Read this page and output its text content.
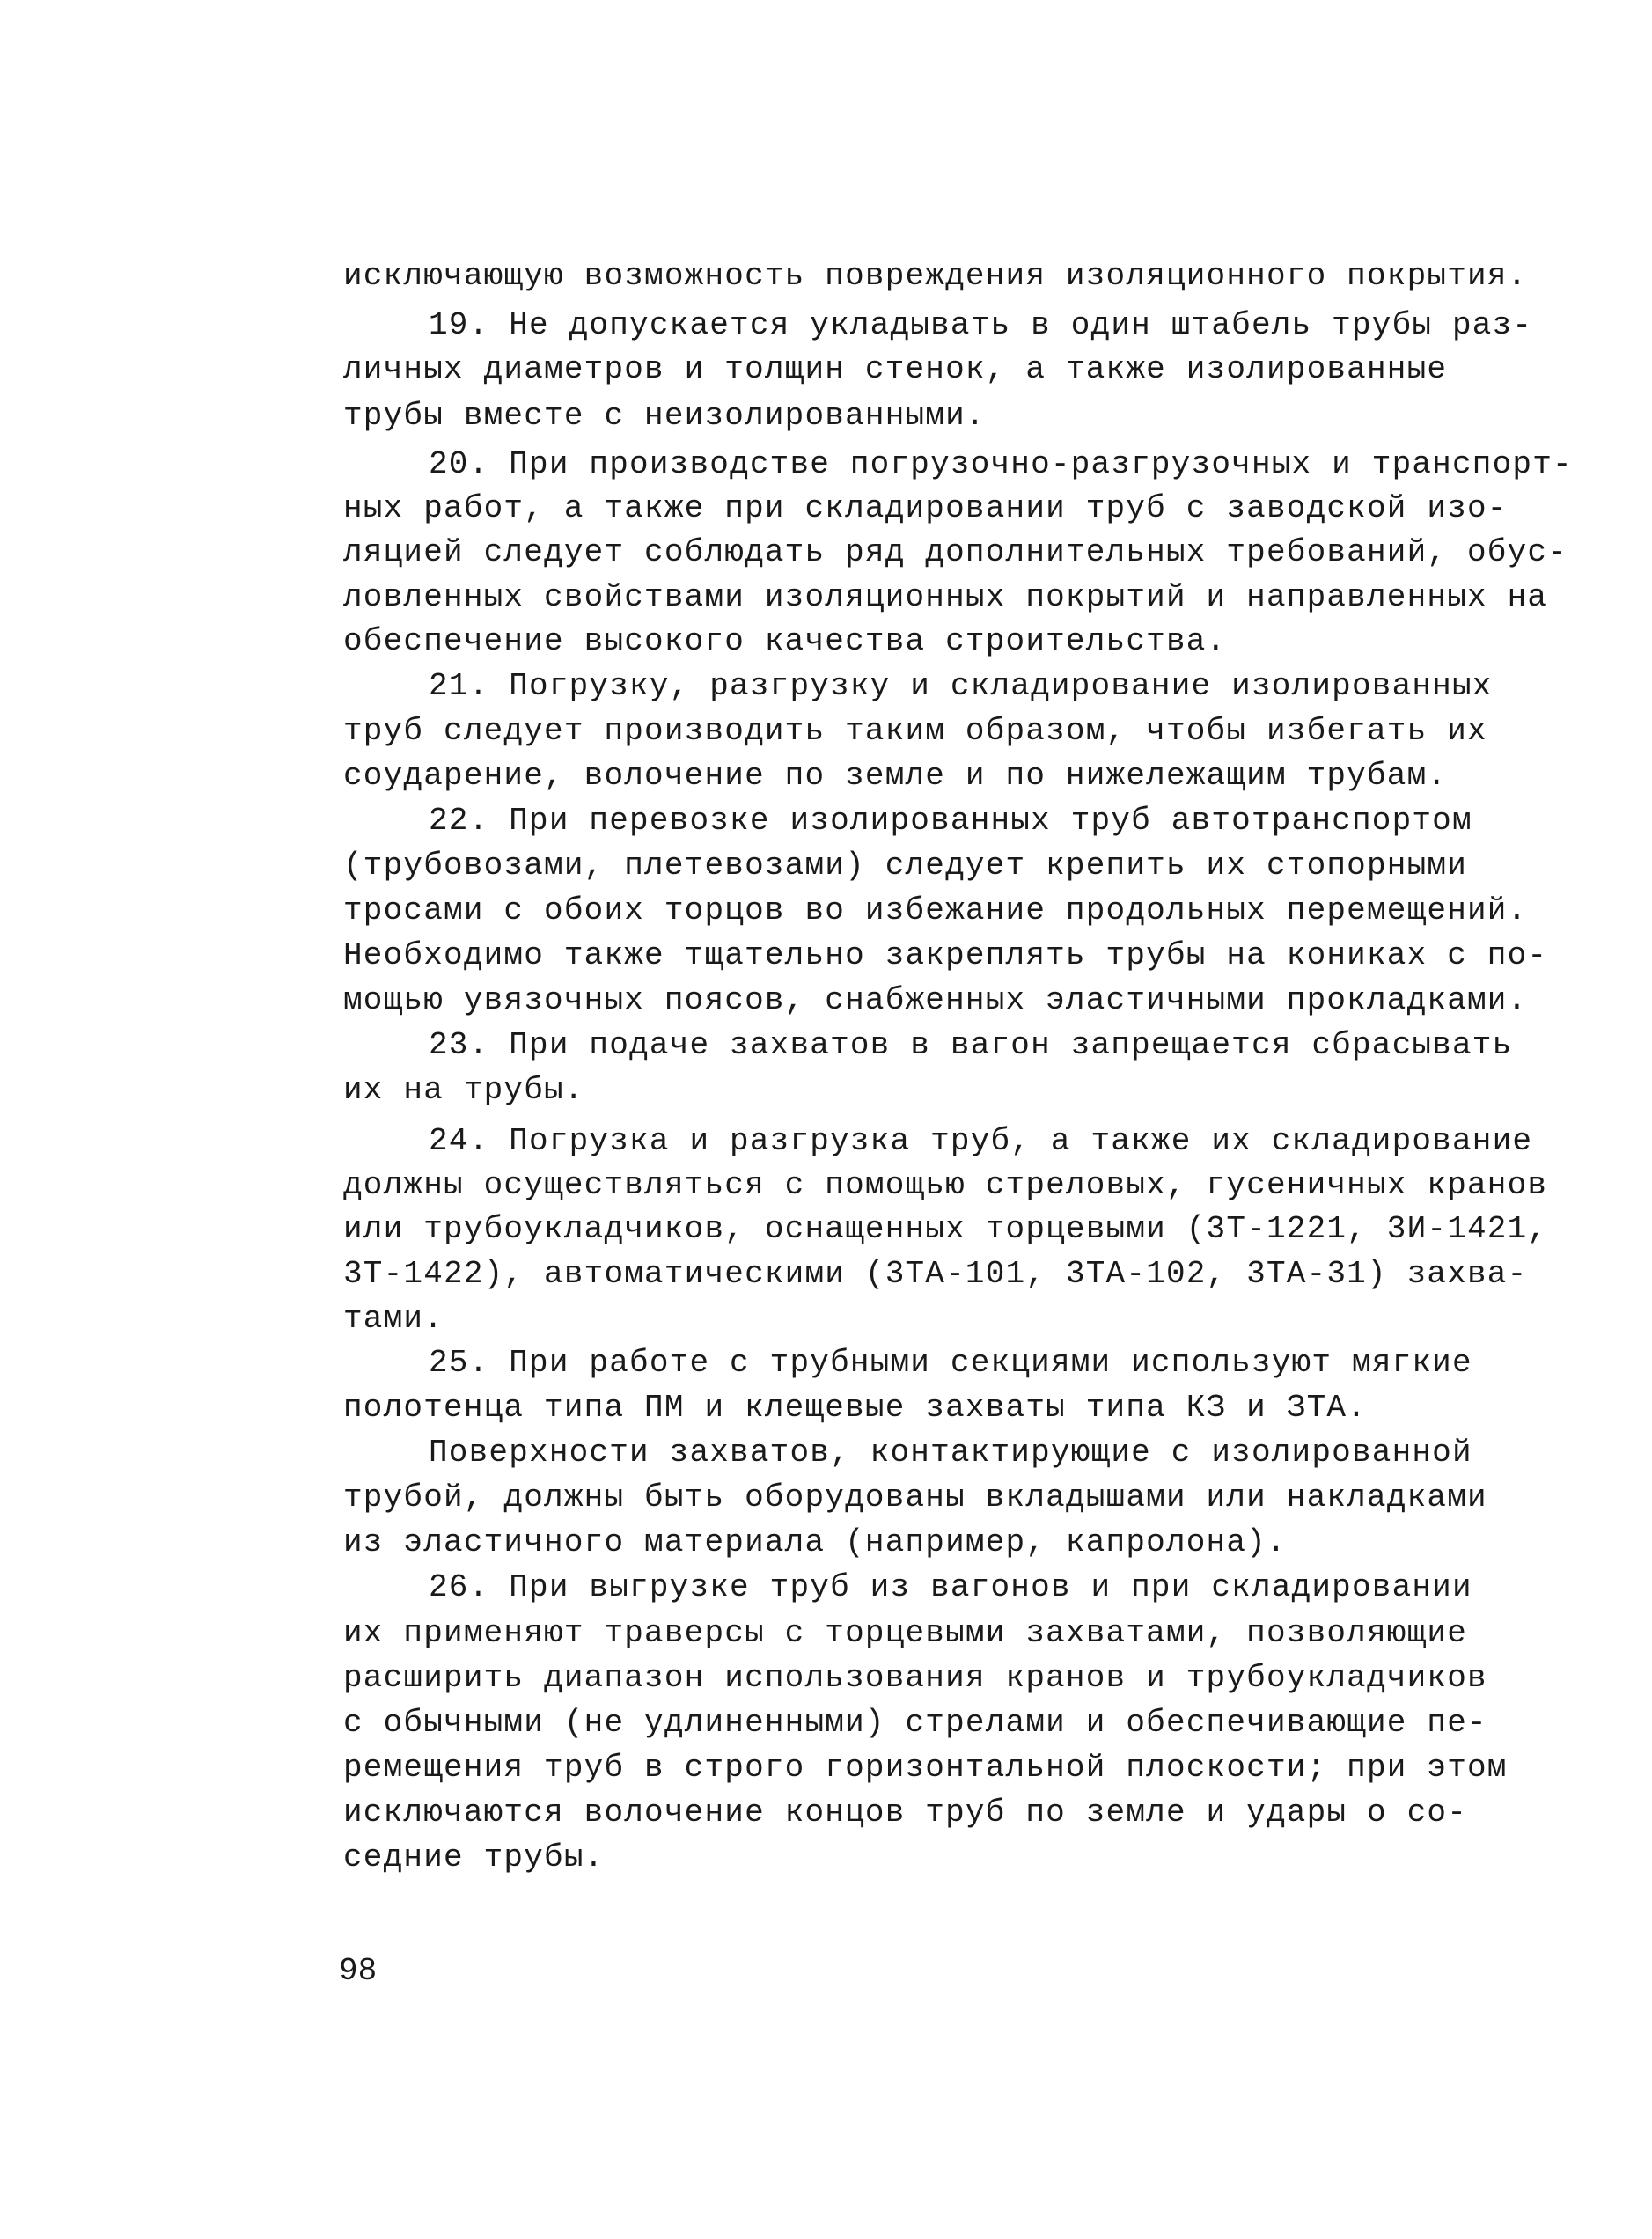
исключающую возможность повреждения изоляционного покрытия.
19. Не допускается укладывать в один штабель трубы раз-
личных диаметров и толщин стенок, а также изолированные
трубы вместе с неизолированными.
20. При производстве погрузочно-разгрузочных и транспорт-
ных работ, а также при складировании труб с заводской изо-
ляцией следует соблюдать ряд дополнительных требований, обус-
ловленных свойствами изоляционных покрытий и направленных на
обеспечение высокого качества строительства.
21. Погрузку, разгрузку и складирование изолированных
труб следует производить таким образом, чтобы избегать их
соударение, волочение по земле и по нижележащим трубам.
22. При перевозке изолированных труб автотранспортом
(трубовозами, плетевозами) следует крепить их стопорными
тросами с обоих торцов во избежание продольных перемещений.
Необходимо также тщательно закреплять трубы на кониках с по-
мощью увязочных поясов, снабженных эластичными прокладками.
23. При подаче захватов в вагон запрещается сбрасывать
их на трубы.
24. Погрузка и разгрузка труб, а также их складирование
должны осуществляться с помощью стреловых, гусеничных кранов
или трубоукладчиков, оснащенных торцевыми (3Т-1221, 3И-1421,
3Т-1422), автоматическими (3ТА-101, 3ТА-102, 3ТА-31) захва-
тами.
25. При работе с трубными секциями используют мягкие
полотенца типа ПМ и клещевые захваты типа КЗ и ЗТА.
Поверхности захватов, контактирующие с изолированной
трубой, должны быть оборудованы вкладышами или накладками
из эластичного материала (например, капролона).
26. При выгрузке труб из вагонов и при складировании
их применяют траверсы с торцевыми захватами, позволяющие
расширить диапазон использования кранов и трубоукладчиков
с обычными (не удлиненными) стрелами и обеспечивающие пе-
ремещения труб в строго горизонтальной плоскости; при этом
исключаются волочение концов труб по земле и удары о со-
седние трубы.
98
